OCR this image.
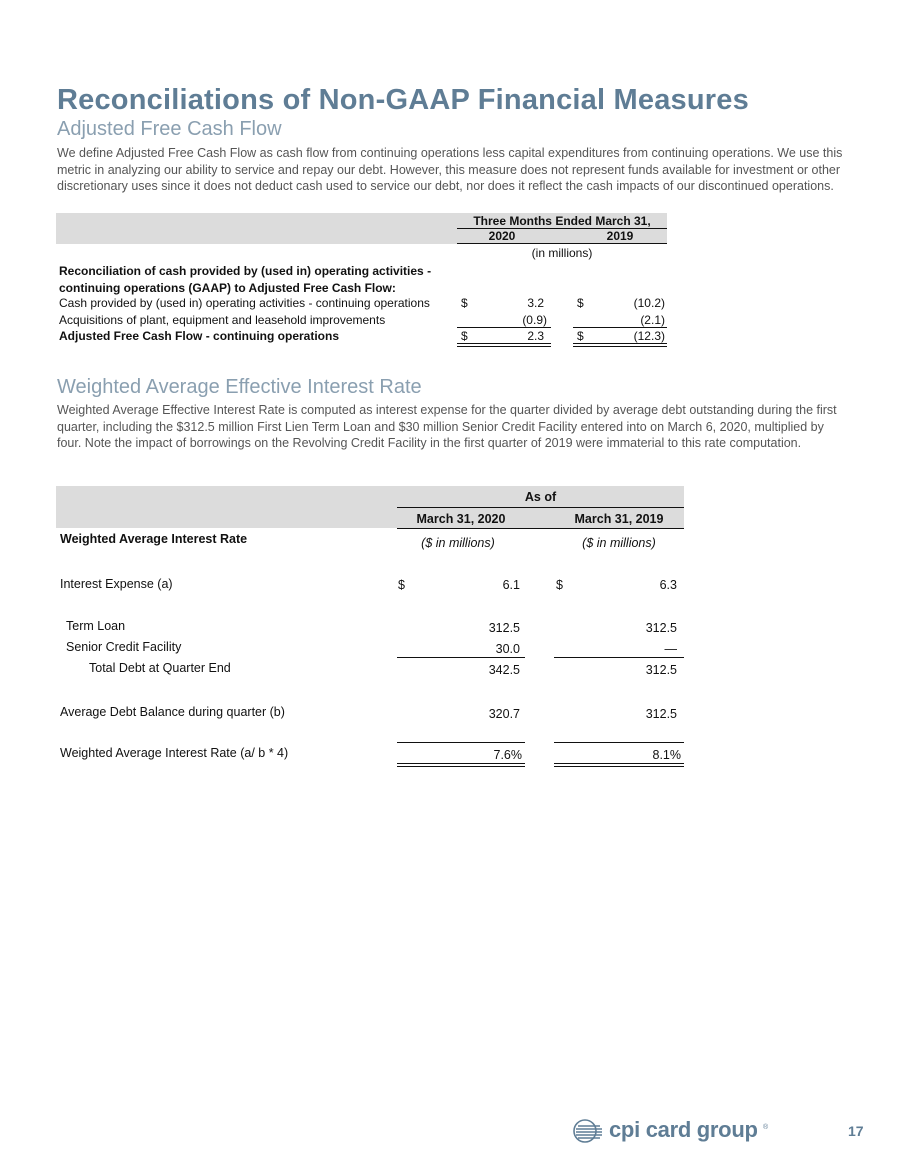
Reconciliations of Non-GAAP Financial Measures
Adjusted Free Cash Flow
We define Adjusted Free Cash Flow as cash flow from continuing operations less capital expenditures from continuing operations. We use this metric in analyzing our ability to service and repay our debt. However, this measure does not represent funds available for investment or other discretionary uses since it does not deduct cash used to service our debt, nor does it reflect the cash impacts of our discontinued operations.
Three Months Ended March 31,
2020	2019
(in millions)
Reconciliation of cash provided by (used in) operating activities -
continuing operations (GAAP) to Adjusted Free Cash Flow:
Cash provided by (used in) operating activities - continuing operations	$	3.2	$	(10.2)
Acquisitions of plant, equipment and leasehold improvements	(0.9)	(2.1)
Adjusted Free Cash Flow - continuing operations	$	2.3	$	(12.3)
Weighted Average Effective Interest Rate
Weighted Average Effective Interest Rate is computed as interest expense for the quarter divided by average debt outstanding during the first quarter, including the $312.5 million First Lien Term Loan and $30 million Senior Credit Facility entered into on March 6, 2020, multiplied by four. Note the impact of borrowings on the Revolving Credit Facility in the first quarter of 2019 were immaterial to this rate computation.
As of
March 31, 2020	March 31, 2019
Weighted Average Interest Rate	($ in millions)	($ in millions)
Interest Expense (a)	$	6.1	$	6.3
Term Loan	312.5	312.5
Senior Credit Facility	30.0	—
Total Debt at Quarter End	342.5	312.5
Average Debt Balance during quarter (b)	320.7	312.5
Weighted Average Interest Rate (a/ b * 4)	7.6%	8.1%
cpi card group ®	17
